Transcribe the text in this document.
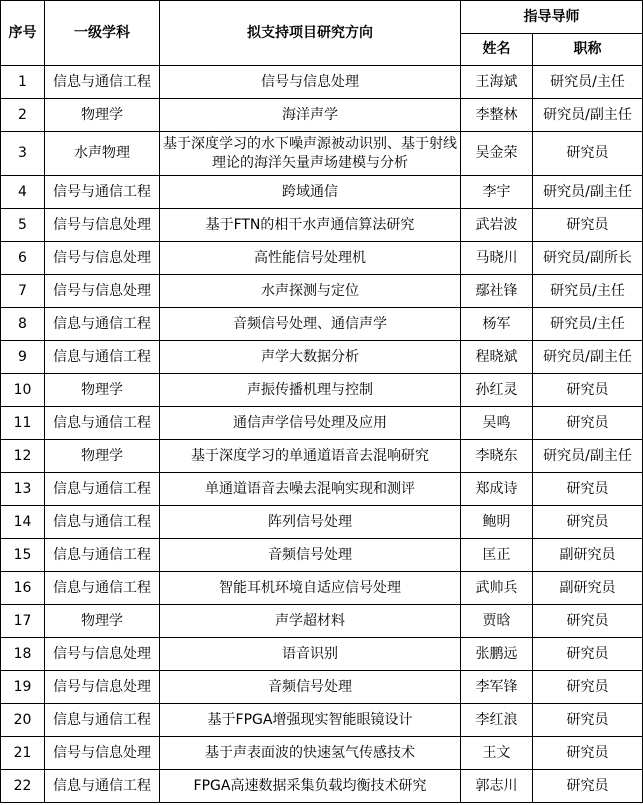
序号	一级学科	拟支持项目研究方向	指导导师	
			姓名	职称
1	信息与通信工程	信号与信息处理	王海斌	研究员/主任
2	物理学	海洋声学	李整林	研究员/副主任
3	水声物理	基于深度学习的水下噪声源被动识别、基于射线理论的海洋矢量声场建模与分析	吴金荣	研究员
4	信号与通信工程	跨域通信	李宇	研究员/副主任
5	信号与信息处理	基于FTN的相干水声通信算法研究	武岩波	研究员
6	信号与信息处理	高性能信号处理机	马晓川	研究员/副所长
7	信号与信息处理	水声探测与定位	鄢社锋	研究员/主任
8	信息与通信工程	音频信号处理、通信声学	杨军	研究员/主任
9	信息与通信工程	声学大数据分析	程晓斌	研究员/副主任
10	物理学	声振传播机理与控制	孙红灵	研究员
11	信息与通信工程	通信声学信号处理及应用	吴鸣	研究员
12	物理学	基于深度学习的单通道语音去混响研究	李晓东	研究员/副主任
13	信息与通信工程	单通道语音去噪去混响实现和测评	郑成诗	研究员
14	信息与通信工程	阵列信号处理	鲍明	研究员
15	信息与通信工程	音频信号处理	匡正	副研究员
16	信息与通信工程	智能耳机环境自适应信号处理	武帅兵	副研究员
17	物理学	声学超材料	贾晗	研究员
18	信号与信息处理	语音识别	张鹏远	研究员
19	信号与信息处理	音频信号处理	李军锋	研究员
20	信息与通信工程	基于FPGA增强现实智能眼镜设计	李红浪	研究员
21	信号与信息处理	基于声表面波的快速氢气传感技术	王文	研究员
22	信息与通信工程	FPGA高速数据采集负载均衡技术研究	郭志川	研究员
